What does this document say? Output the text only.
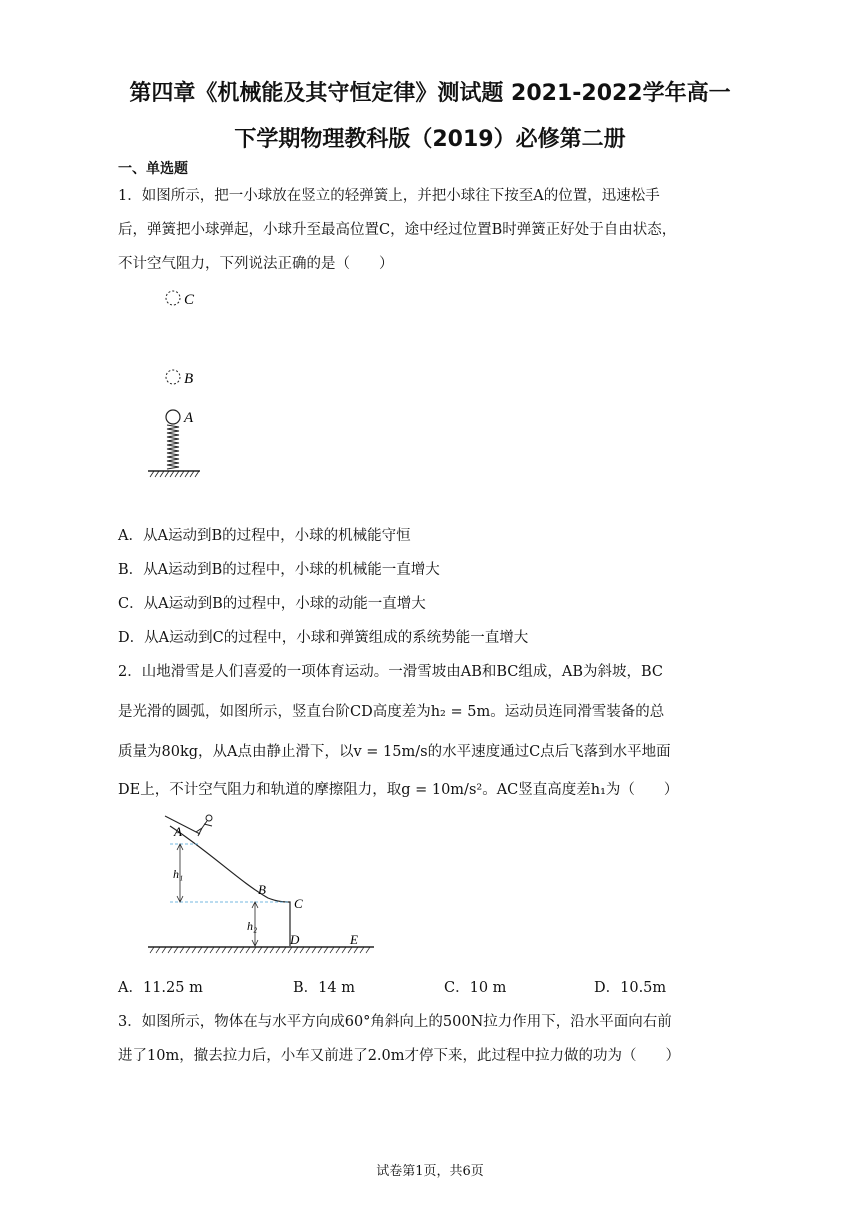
第四章《机械能及其守恒定律》测试题 2021-2022学年高一
下学期物理教科版（2019）必修第二册
一、单选题
1．如图所示，把一小球放在竖立的轻弹簧上，并把小球往下按至A的位置，迅速松手
后，弹簧把小球弹起，小球升至最高位置C，途中经过位置B时弹簧正好处于自由状态，
不计空气阻力，下列说法正确的是（　　）
C
B
A
A．从A运动到B的过程中，小球的机械能守恒
B．从A运动到B的过程中，小球的机械能一直增大
C．从A运动到B的过程中，小球的动能一直增大
D．从A运动到C的过程中，小球和弹簧组成的系统势能一直增大
2．山地滑雪是人们喜爱的一项体育运动。一滑雪坡由AB和BC组成，AB为斜坡，BC
是光滑的圆弧，如图所示，竖直台阶CD高度差为h₂ = 5m。运动员连同滑雪装备的总
质量为80kg，从A点由静止滑下，以v = 15m/s的水平速度通过C点后飞落到水平地面
DE上，不计空气阻力和轨道的摩擦阻力，取g = 10m/s²。AC竖直高度差h₁为（　　）
h₁
h₂
A
B
C
D	E
A．11.25 m	B．14 m	C．10 m	D．10.5m
3．如图所示，物体在与水平方向成60°角斜向上的500N拉力作用下，沿水平面向右前
进了10m，撤去拉力后，小车又前进了2.0m才停下来，此过程中拉力做的功为（　　）
试卷第1页，共6页
